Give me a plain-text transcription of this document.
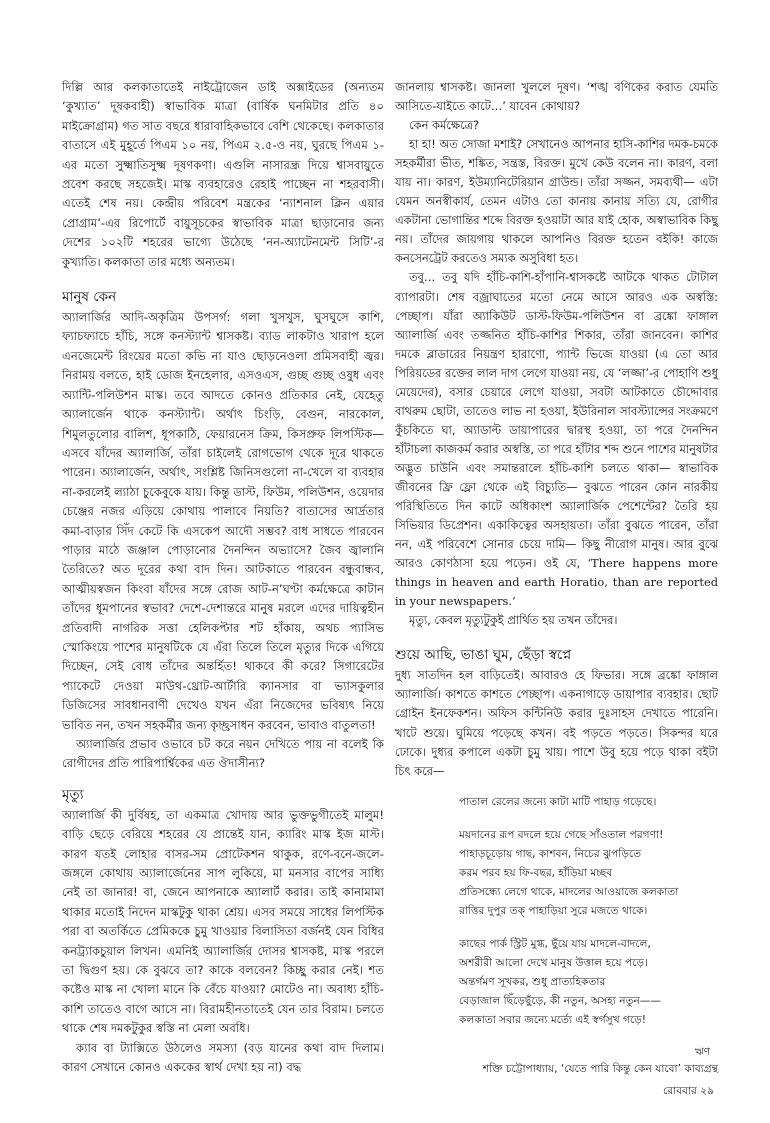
দিল্লি আর কলকাতাতেই নাইট্রোজেন ডাই অক্সাইডের (অন্যতম ‘কুখ্যাত’ দূষকবাহী) স্বাভাবিক মাত্রা (বার্ষিক ঘনমিটার প্রতি ৪০ মাইক্রোগ্রাম) গত সাত বছরে ধারাবাহিকভাবে বেশি থেকেছে। কলকাতার বাতাসে এই মুহূর্তে পিএম ১০ নয়, পিএম ২.৫-ও নয়, ঘুরছে পিএম ১-এর মতো সুক্ষ্মাতিসুক্ষ্ম দূষণকণা। এগুলি নাসারন্ধ্র দিয়ে শ্বাসবায়ুতে প্রবেশ করছে সহজেই। মাস্ক ব্যবহারেও রেহাই পাচ্ছেন না শহরবাসী। এতেই শেষ নয়। কেন্দ্রীয় পরিবেশ মন্ত্রকের ‘ন্যাশনাল ক্লিন এয়ার প্রোগ্রাম’-এর রিপোর্টে বায়ুসূচকের স্বাভাবিক মাত্রা ছাড়ানোর জন্য দেশের ১০২টি শহরের ভাগ্যে উঠেছে ‘নন-অ্যাটেনমেন্ট সিটি’-র কুখ্যাতি। কলকাতা তার মধ্যে অন্যতম।

মানুষ কেন

অ্যালার্জির আদি-অকৃত্রিম উপসর্গ: গলা খুসখুস, ঘুসঘুসে কাশি, ফ্যাচফ্যাচে হাঁচি, সঙ্গে কনস্ট্যান্ট শ্বাসকষ্ট। ব্যাড লাকটাও খারাপ হলে এনজেমেন্ট রিংয়ের মতো কভি না যাও ছোড়নেওলা প্রমিসবাহী জ্বর। নিরাময় বলতে, হাই ডোজ ইনহেলার, এসওএস, গুচ্ছ গুচ্ছ ওষুধ এবং অ্যান্টি-পলিউশন মাস্ক। তবে আদতে কোনও প্রতিকার নেই, যেহেতু অ্যালার্জেন থাকে কনস্ট্যান্ট। অর্থাৎ চিংড়ি, বেগুন, নারকোল, শিমুলতুলোর বালিশ, ধূপকাঠি, ফেয়ারনেস ক্রিম, কিসপ্রুফ লিপস্টিক— এসবে যাঁদের অ্যালার্জি, তাঁরা চাইলেই রোগভোগ থেকে দূরে থাকতে পারেন। অ্যালার্জেন, অর্থাৎ, সংশ্লিষ্ট জিনিসগুলো না-খেলে বা ব্যবহার না-করলেই ল্যাঠা চুকেবুকে যায়। কিন্তু ডাস্ট, ফিউম, পলিউশন, ওয়েদার চেঞ্জের নজর এড়িয়ে কোথায় পালাবে নিয়তি? বাতাসের আর্দ্রতার কমা-বাড়ার সিঁদ কেটে কি এসকেপ আদৌ সম্ভব? বাধ সাধতে পারবেন পাড়ার মাঠে জঞ্জাল পোড়ানোর দৈনন্দিন অভ্যাসে? জৈব জ্বালানি তৈরিতে? অত দূরের কথা বাদ দিন। আটকাতে পারবেন বন্ধুবান্ধব, আত্মীয়স্বজন কিংবা যাঁদের সঙ্গে রোজ আট-ন’ঘণ্টা কর্মক্ষেত্রে কাটান তাঁদের ধূমপানের স্বভাব? দেশে-দেশান্তরে মানুষ মরলে এদের দায়িত্বহীন প্রতিবাদী নাগরিক সত্তা হেলিকপ্টার শট হাঁকায়, অথচ প্যাসিভ স্মোকিংয়ে পাশের মানুষটিকে যে এঁরা তিলে তিলে মৃত্যুর দিকে এগিয়ে দিচ্ছেন, সেই বোধ তাঁদের অন্তর্হিত! থাকবে কী করে? সিগারেটের প্যাকেটে দেওয়া মাউথ-থ্রোট-আর্টারি ক্যানসার বা ভ্যাসকুলার ডিজিসের সাবধানবাণী দেখেও যখন এঁরা নিজেদের ভবিষ্যৎ নিয়ে ভাবিত নন, তখন সহকর্মীর জন্য কৃচ্ছ্রসাধন করবেন, ভাবাও বাতুলতা!

অ্যালার্জির প্রভাব ওভাবে চট করে নয়ন দেখিতে পায় না বলেই কি রোগীদের প্রতি পারিপার্শ্বিকের এত ঔদাসীন্য?

মৃত্যু

অ্যালার্জি কী দুর্বিষহ, তা একমাত্র খোদায় আর ভুক্তভুগীতেই মালুম! বাড়ি ছেড়ে বেরিয়ে শহরের যে প্রান্তেই যান, ক্যারিং মাস্ক ইজ মাস্ট। কারণ যতই লোহার বাসর-সম প্রোটেকশন থাকুক, রণে-বনে-জলে-জঙ্গলে কোথায় অ্যালার্জেনের সাপ লুকিয়ে, মা মনসার বাপের সাধ্যি নেই তা জানার! বা, জেনে আপনাকে অ্যালার্ট করার। তাই কানামামা থাকার মতোই নিদেন মাস্কটুকু থাকা শ্রেয়। এসব সময়ে সাধের লিপস্টিক পরা বা অতর্কিতে প্রেমিককে চুমু খাওয়ার বিলাসিতা বর্জনই যেন বিধির কনট্র্যাকচুয়াল লিখন। এমনিই অ্যালার্জির দোসর শ্বাসকষ্ট, মাস্ক পরলে তা দ্বিগুণ হয়। কে বুঝবে তা? কাকে বলবেন? কিচ্ছু করার নেই। শত কষ্টেও মাস্ক না খোলা মানে কি বেঁচে যাওয়া? মোটেও না। অবাধ্য হাঁচি-কাশি তাতেও বাগে আসে না। বিরামহীনতাতেই যেন তার বিরাম। চলতে থাকে শেষ দমকটুকুর স্বস্তি না মেলা অবধি।

ক্যাব বা ট্যাক্সিতে উঠলেও সমস্যা (বড় যানের কথা বাদ দিলাম। কারণ সেখানে কোনও এককের স্বার্থ দেখা হয় না) বদ্ধ

জানলায় শ্বাসকষ্ট। জানলা খুললে দূষণ। ‘শঙ্খ বণিকের করাত যেমতি আসিতে-যাইতে কাটে…’ যাবেন কোথায়?

কেন কর্মক্ষেত্রে?

হা হা! অত সোজা মশাই? সেখানেও আপনার হাসি-কাশির দমক-চমকে সহকর্মীরা ভীত, শঙ্কিত, সন্ত্রস্ত, বিরক্ত। মুখে কেউ বলেন না। কারণ, বলা যায় না। কারণ, ইউম্যানিটেরিয়ান গ্রাউন্ড। তাঁরা সজ্জন, সমব্যথী— এটা যেমন অনস্বীকার্য, তেমন এটাও তো কানায় কানায় সত্যি যে, রোগীর একটানা ভোগান্তির শব্দে বিরক্ত হওয়াটা আর যাই হোক, অস্বাভাবিক কিছু নয়। তাঁদের জায়গায় থাকলে আপনিও বিরক্ত হতেন বইকি! কাজে কনসেনট্রেট করতেও সম্যক অসুবিধা হত।

তবু… তবু যদি হাঁচি-কাশি-হাঁপানি-শ্বাসকষ্টে আটকে থাকত টোটাল ব্যাপারটা। শেষ বজ্রাঘাতের মতো নেমে আসে আরও এক অস্বস্তি: পেচ্ছাপ। যাঁরা অ্যাকিউট ডাস্ট-ফিউম-পলিউশন বা ব্রঙ্কো ফাঙ্গাল অ্যালার্জি এবং তজ্জনিত হাঁচি-কাশির শিকার, তাঁরা জানবেন। কাশির দমকে ব্লাডারের নিয়ন্ত্রণ হারাণো, প্যান্ট ভিজে যাওয়া (এ তো আর পিরিয়ডের রক্তের লাল দাগ লেগে যাওয়া নয়, যে ‘লজ্জা’-র পোহাণি শুধু মেয়েদের), বসার চেয়ারে লেগে যাওয়া, সবটা আটকাতে চৌদ্দোবার বাথরুম ছোটা, তাতেও লাভ না হওয়া, ইউরিনাল সাবস্ট্যান্সের সংক্রমণে কুঁচকিতে ঘা, অ্যাডাল্ট ডায়াপারের দ্বারস্থ হওয়া, তা পরে দৈনন্দিন হাঁটাচলা কাজকর্ম করার অস্বস্তি, তা পরে হাঁটার শব্দ শুনে পাশের মানুষটার অদ্ভুত চাউনি এবং সমান্তরালে হাঁচি-কাশি চলতে থাকা— স্বাভাবিক জীবনের ফ্রি ফ্লো থেকে এই বিচ্যুতি— বুঝতে পারেন কোন নারকীয় পরিস্থিতিতে দিন কাটে অধিকাংশ অ্যালার্জিক পেশেন্টের? তৈরি হয় সিভিয়ার ডিপ্রেশন। একাকিত্বের অসহায়তা। তাঁরা বুঝতে পারেন, তাঁরা নন, এই পরিবেশে সোনার চেয়ে দামি— কিছু নীরোগ মানুষ। আর বুঝে আরও কোণঠাসা হয়ে পড়েন। ওই যে, ‘There happens more things in heaven and earth Horatio, than are reported in your newspapers.’

মৃত্যু, কেবল মৃত্যুটুকুই প্রার্থিত হয় তখন তাঁদের।

শুয়ে আছি, ভাঙা ঘুম, ছেঁড়া স্বপ্নে

দুধ্য সাতদিন হল বাড়িতেই। আবারও হে ফিভার। সঙ্গে ব্রঙ্কো ফাঙ্গাল অ্যালার্জি। কাশতে কাশতে পেচ্ছাপ। একনাগাড়ে ডায়াপার ব্যবহার। ছোট গ্রোইন ইনফেকশন। অফিস কন্টিনিউ করার দুঃসাহস দেখাতে পারেনি। খাটে শুয়ে। ঘুমিয়ে পড়েছে কখন। বই পড়তে পড়তে। সিকন্দর ঘরে ঢোকে। দুধ্যর কপালে একটা চুমু খায়। পাশে উবু হয়ে পড়ে থাকা বইটা চিৎ করে—

পাতাল রেলের জন্যে কাটা মাটি পাহাড় গড়েছে।
ময়দানের রূপ বদলে হয়ে গেছে সাঁওতাল পরগণা!
পাহাড়চূড়োয় গাছ, কাশবন, নিচের ঝুপড়িতে
করম পরব হয় ফি-বছর, হাঁড়িয়া মচ্ছব
প্রতিসন্ধ্যে লেগে থাকে, মাদলের আওয়াজে কলকাতা
রাত্তির দুপুর তক্ পাহাড়িয়া সুরে মজতে থাকে।
কাছের পার্ক স্ট্রিট মুগ্ধ, ছুঁয়ে যায় মাদলে-বাদলে,
অশরীরী আলো দেখে মানুষ উত্তাল হয়ে পড়ে।
অন্তর্গমণ সূখকর, শুধু প্রাত্যহিকতার
বেড়াজাল ছিঁড়েছুঁড়ে, কী নতুন, অসহ্য নতুন——
কলকাতা সবার জন্যে মর্ত্যে এই স্বর্গসুখ গড়ে!
ঋণ
শক্তি চট্টোপাধ্যায়, ‘যেতে পারি কিন্তু কেন যাবো’ কাব্যগ্রন্থ
রোববার ২৯
